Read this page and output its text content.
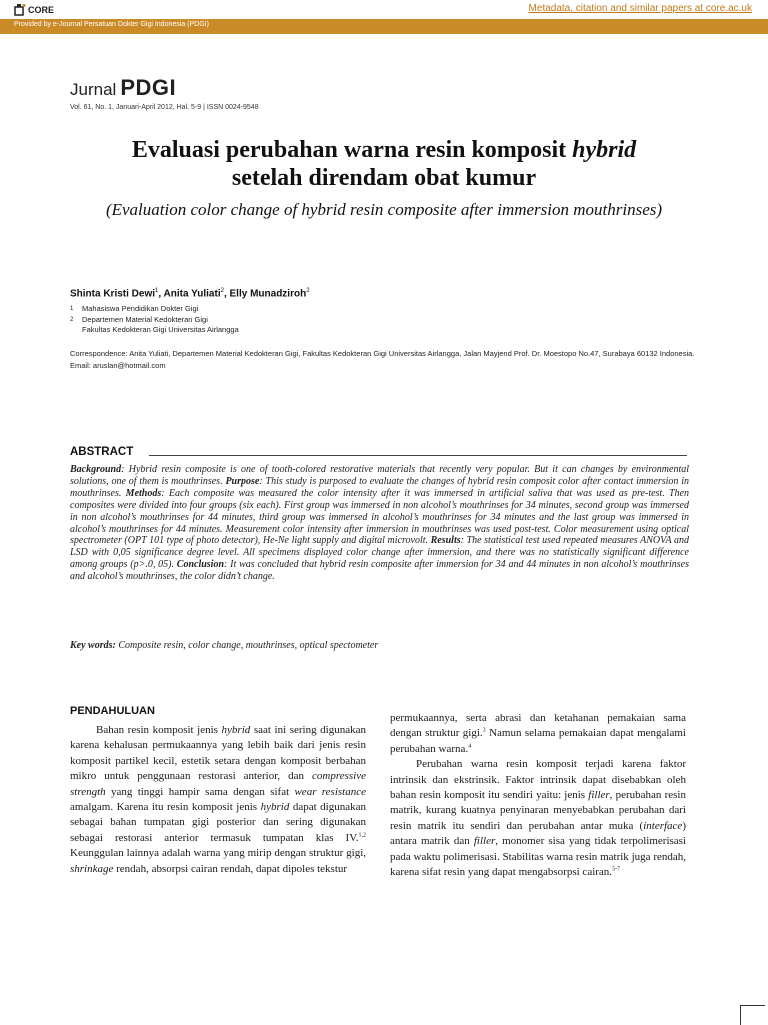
CORE	Metadata, citation and similar papers at core.ac.uk
Provided by e-Journal Persatuan Dokter Gigi Indonesia (PDGI)
Jurnal PDGI
Vol. 61, No. 1, Januari-April 2012, Hal. 5-9 | ISSN 0024-9548
Evaluasi perubahan warna resin komposit hybrid
setelah direndam obat kumur
(Evaluation color change of hybrid resin composite after immersion mouthrinses)
Shinta Kristi Dewi$^1$, Anita Yuliati$^2$, Elly Munadziroh$^2$
1	Mahasiswa Pendidikan Dokter Gigi
2	Departemen Material Kedokteran Gigi
Fakultas Kedokteran Gigi Universitas Airlangga
Correspondence: Anita Yuliati, Departemen Material Kedokteran Gigi, Fakultas Kedokteran Gigi Universitas Airlangga, Jalan Mayjend Prof. Dr. Moestopo No.47, Surabaya 60132 Indonesia. Email: aruslan@hotmail.com
ABSTRACT
Background: Hybrid resin composite is one of tooth-colored restorative materials that recently very popular. But it can changes by environmental solutions, one of them is mouthrinses. Purpose: This study is purposed to evaluate the changes of hybrid resin composit color after contact immersion in mouthrinses. Methods: Each composite was measured the color intensity after it was immersed in artificial saliva that was used as pre-test. Then composites were divided into four groups (six each). First group was immersed in non alcohol’s mouthrinses for 34 minutes, second group was immersed in non alcohol’s mouthrinses for 44 minutes, third group was immersed in alcohol’s mouthrinses for 34 minutes and the last group was immersed in alcohol’s mouthrinses for 44 minutes. Measurement color intensity after immersion in mouthrinses was used post-test. Color measurement using optical spectrometer (OPT 101 type of photo detector), He-Ne light supply and digital microvolt. Results: The statistical test used repeated measures ANOVA and LSD with 0,05 significance degree level. All specimens displayed color change after immersion, and there was no statistically significant difference among groups (p>.0, 05). Conclusion: It was concluded that hybrid resin composite after immersion for 34 and 44 minutes in non alcohol’s mouthrinses and alcohol’s mouthrinses, the color didn’t change.
Key words: Composite resin, color change, mouthrinses, optical spectometer
PENDAHULUAN

Bahan resin komposit jenis hybrid saat ini sering digunakan karena kehalusan permukaannya yang lebih baik dari jenis resin komposit partikel kecil, estetik setara dengan komposit berbahan mikro untuk penggunaan restorasi anterior, dan compressive strength yang tinggi hampir sama dengan sifat wear resistance amalgam. Karena itu resin komposit jenis hybrid dapat digunakan sebagai bahan tumpatan gigi posterior dan sering digunakan sebagai restorasi anterior termasuk tumpatan klas IV.$^{1,2}$ Keunggulan lainnya adalah warna yang mirip dengan struktur gigi, shrinkage rendah, absorpsi cairan rendah, dapat dipoles tekstur

permukaannya, serta abrasi dan ketahanan pemakaian sama dengan struktur gigi.$^3$ Namun selama pemakaian dapat mengalami perubahan warna.$^4$

Perubahan warna resin komposit terjadi karena faktor intrinsik dan ekstrinsik. Faktor intrinsik dapat disebabkan oleh bahan resin komposit itu sendiri yaitu: jenis filler, perubahan resin matrik, kurang kuatnya penyinaran menyebabkan perubahan dari resin matrik itu sendiri dan perubahan antar muka (interface) antara matrik dan filler, monomer sisa yang tidak terpolimerisasi pada waktu polimerisasi. Stabilitas warna resin matrik juga rendah, karena sifat resin yang dapat mengabsorpsi cairan.$^{5-7}$
